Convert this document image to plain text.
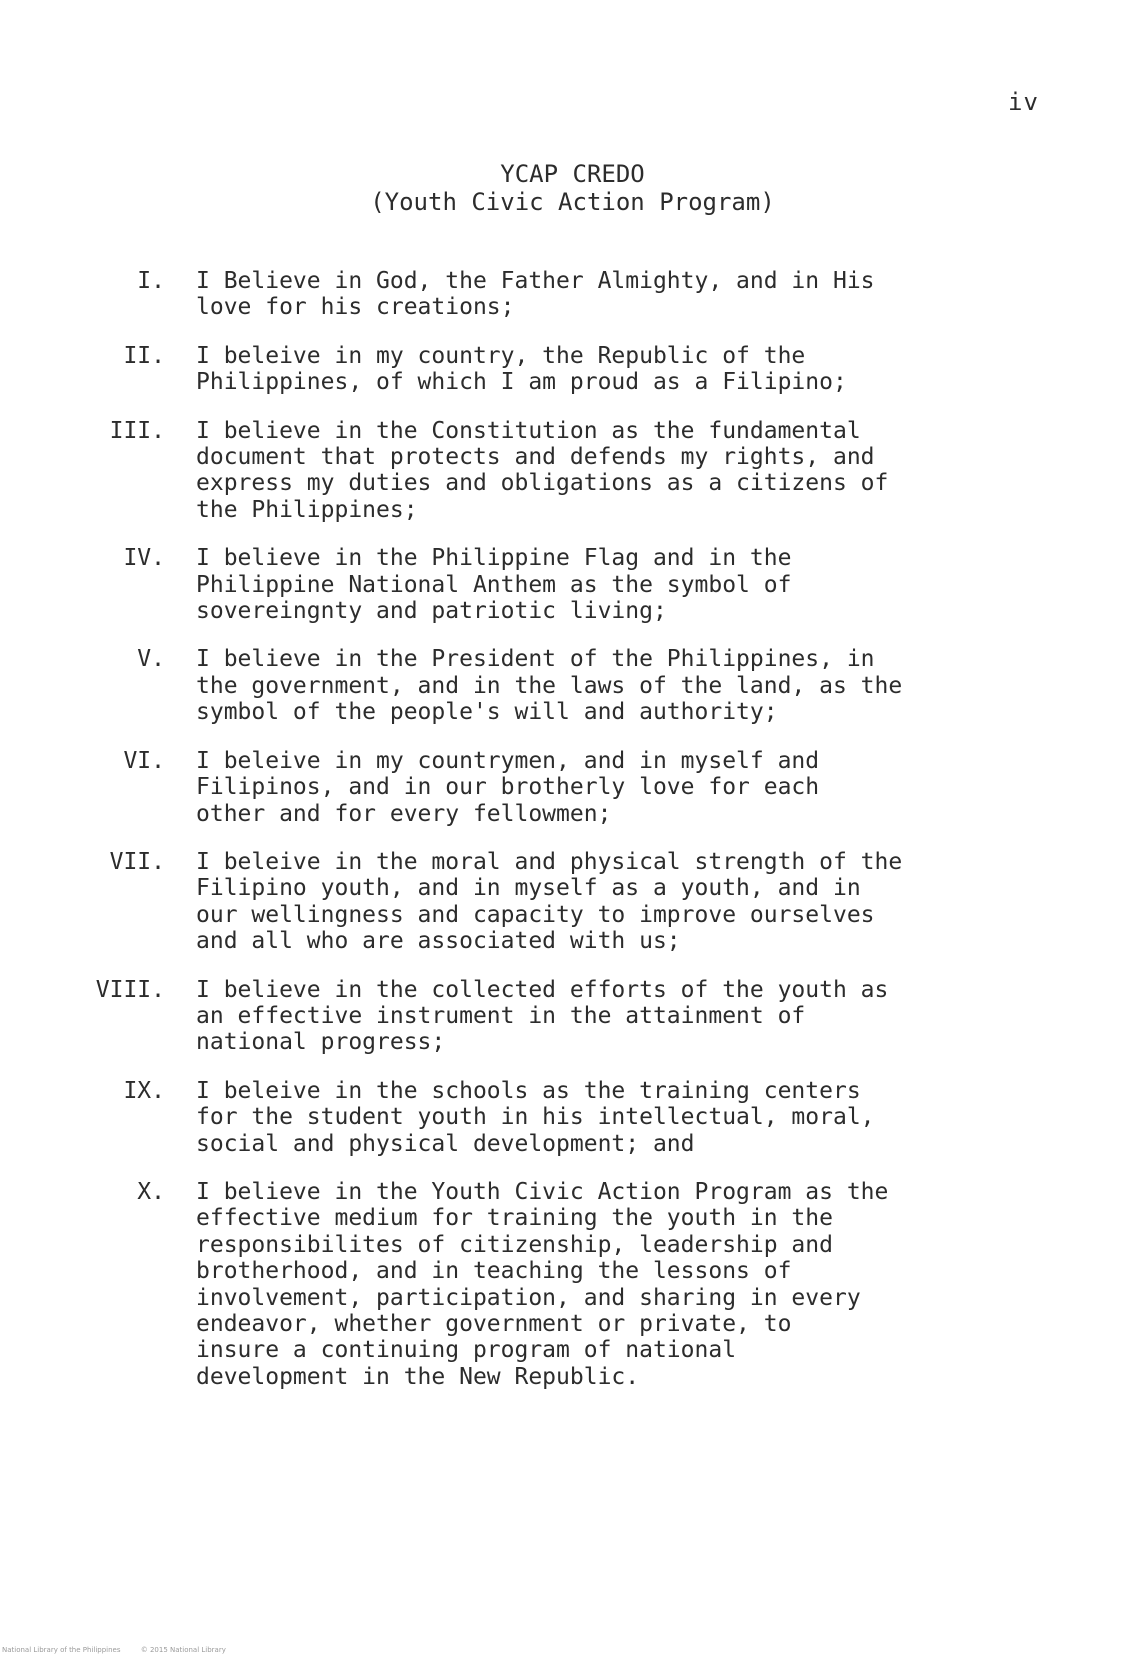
iv
YCAP CREDO
(Youth Civic Action Program)
I. I Believe in God, the Father Almighty, and in His
love for his creations;
II. I beleive in my country, the Republic of the
Philippines, of which I am proud as a Filipino;
III. I believe in the Constitution as the fundamental
document that protects and defends my rights, and
express my duties and obligations as a citizens of
the Philippines;
IV. I believe in the Philippine Flag and in the
Philippine National Anthem as the symbol of
sovereingnty and patriotic living;
V. I believe in the President of the Philippines, in
the government, and in the laws of the land, as the
symbol of the people's will and authority;
VI. I beleive in my countrymen, and in myself and
Filipinos, and in our brotherly love for each
other and for every fellowmen;
VII. I beleive in the moral and physical strength of the
Filipino youth, and in myself as a youth, and in
our wellingness and capacity to improve ourselves
and all who are associated with us;
VIII. I believe in the collected efforts of the youth as
an effective instrument in the attainment of
national progress;
IX. I beleive in the schools as the training centers
for the student youth in his intellectual, moral,
social and physical development; and
X. I believe in the Youth Civic Action Program as the
effective medium for training the youth in the
responsibilites of citizenship, leadership and
brotherhood, and in teaching the lessons of
involvement, participation, and sharing in every
endeavor, whether government or private, to
insure a continuing program of national
development in the New Republic.
National Library of the Philippines	© 2015 National Library
